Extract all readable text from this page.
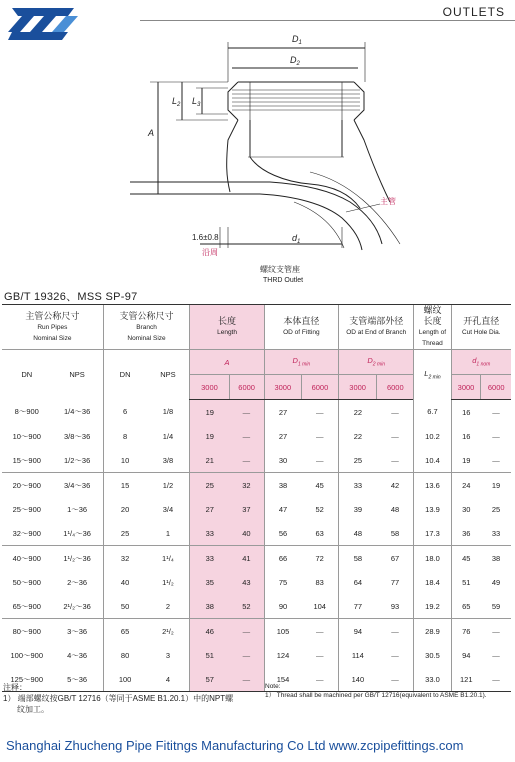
OUTLETS
$D_1$
$D_2$
A
$L_2$ $L_3$
$d_1$
1.6±0.8
沿周
主管
螺纹支管座
THRD Outlet
GB/T 19326、MSS SP-97
主管公称尺寸
Run Pipes
Nominal Size		支管公称尺寸
Branch
Nominal Size		长度
Length		本体直径
OD of Fitting		支管端部外径
OD at End of Branch		螺纹
长度
Length of
Thread	开孔直径
Cut Hole Dia.	
DN	NPS	DN	NPS	A		$D_{1 min}$		$D_{2 min}$		$L_{2 min}$	$d_{1 nom}$
				3000	6000	3000	6000	3000	6000		3000	6000
8～900	1/4～36	6	1/8	19	—	27	—	22	—	6.7	16	—
10～900	3/8～36	8	1/4	19	—	27	—	22	—	10.2	16	—
15～900	1/2～36	10	3/8	21	—	30	—	25	—	10.4	19	—
20～900	3/4～36	15	1/2	25	32	38	45	33	42	13.6	24	19
25～900	1～36	20	3/4	27	37	47	52	39	48	13.9	30	25
32～900	1¹/₄～36	25	1	33	40	56	63	48	58	17.3	36	33
40～900	1¹/₂～36	32	1¹/₄	33	41	66	72	58	67	18.0	45	38
50～900	2～36	40	1¹/₂	35	43	75	83	64	77	18.4	51	49
65～900	2¹/₂～36	50	2	38	52	90	104	77	93	19.2	65	59
80～900	3～36	65	2¹/₂	46	—	105	—	94	—	28.9	76	—
100～900	4～36	80	3	51	—	124	—	114	—	30.5	94	—
125～900	5～36	100	4	57	—	154	—	140	—	33.0	121	—
注释：
1） 端部螺纹按GB/T 12716（等同于ASME B1.20.1）中的NPT螺
纹加工。
Note:
1） Thread shall be machined per GB/T 12716(equivalent to ASME B1.20.1).
Shanghai Zhucheng Pipe Fititngs Manufacturing Co Ltd www.zcpipefittings.com
